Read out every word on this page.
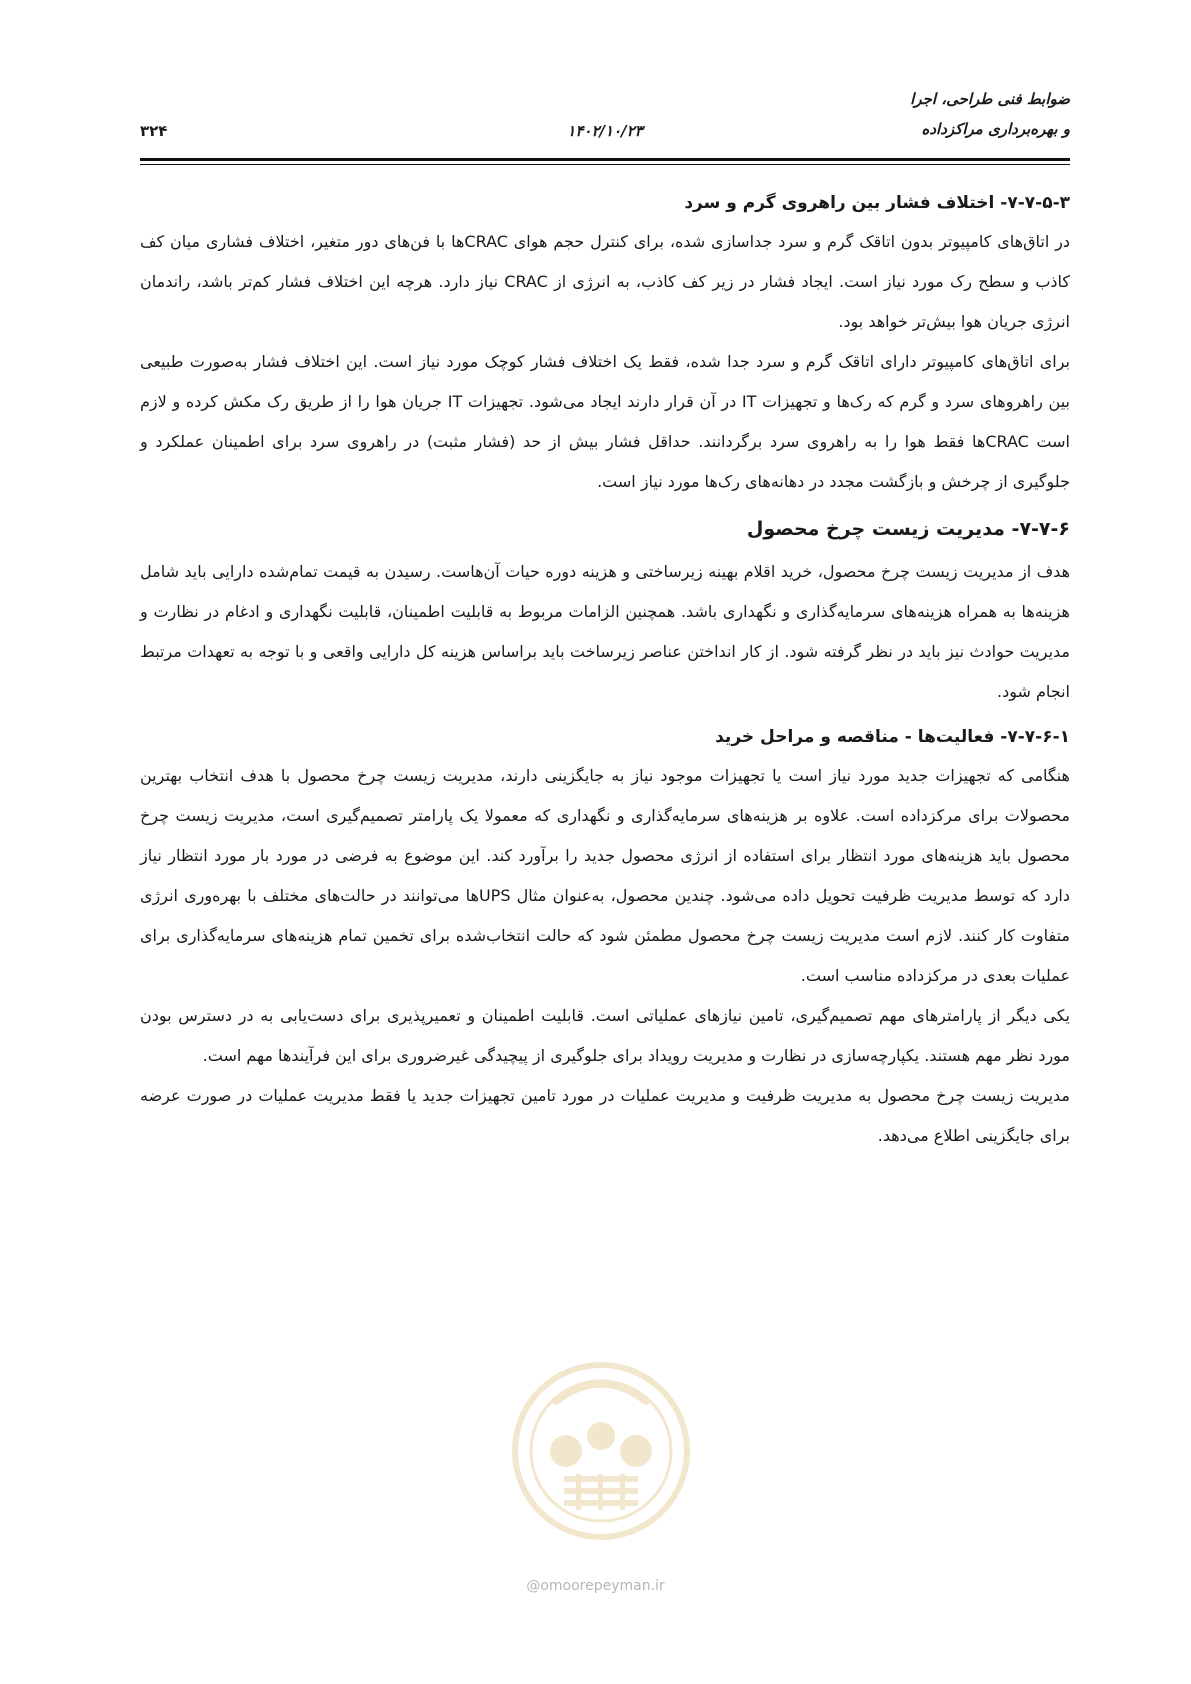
ضوابط فنی طراحی، اجرا
و بهره‌برداری مراکزداده
۱۴۰۲/۱۰/۲۳
۳۲۴
۷-۷-۵-۳- اختلاف فشار بین راهروی گرم و سرد

در اتاق‌های کامپیوتر بدون اتاقک گرم و سرد جداسازی شده، برای کنترل حجم هوای CRACها با فن‌های دور متغیر، اختلاف فشاری میان کف کاذب و سطح رک مورد نیاز است. ایجاد فشار در زیر کف کاذب، به انرژی از CRAC نیاز دارد. هرچه این اختلاف فشار کم‌تر باشد، راندمان انرژی جریان هوا بیش‌تر خواهد بود.

برای اتاق‌های کامپیوتر دارای اتاقک گرم و سرد جدا شده، فقط یک اختلاف فشار کوچک مورد نیاز است. این اختلاف فشار به‌صورت طبیعی بین راهروهای سرد و گرم که رک‌ها و تجهیزات IT در آن قرار دارند ایجاد می‌شود. تجهیزات IT جریان هوا را از طریق رک مکش کرده و لازم است CRACها فقط هوا را به راهروی سرد برگردانند. حداقل فشار بیش از حد (فشار مثبت) در راهروی سرد برای اطمینان عملکرد و جلوگیری از چرخش و بازگشت مجدد در دهانه‌های رک‌ها مورد نیاز است.

۷-۷-۶- مدیریت زیست چرخ محصول

هدف از مدیریت زیست چرخ محصول، خرید اقلام بهینه زیرساختی و هزینه دوره حیات آن‌هاست. رسیدن به قیمت تمام‌شده دارایی باید شامل هزینه‌ها به همراه هزینه‌های سرمایه‌گذاری و نگهداری باشد. همچنین الزامات مربوط به قابلیت اطمینان، قابلیت نگهداری و ادغام در نظارت و مدیریت حوادث نیز باید در نظر گرفته شود. از کار انداختن عناصر زیرساخت باید براساس هزینه کل دارایی واقعی و با توجه به تعهدات مرتبط انجام شود.

۷-۷-۶-۱- فعالیت‌ها - مناقصه و مراحل خرید

هنگامی که تجهیزات جدید مورد نیاز است یا تجهیزات موجود نیاز به جایگزینی دارند، مدیریت زیست چرخ محصول با هدف انتخاب بهترین محصولات برای مرکزداده است. علاوه بر هزینه‌های سرمایه‌گذاری و نگهداری که معمولا یک پارامتر تصمیم‌گیری است، مدیریت زیست چرخ محصول باید هزینه‌های مورد انتظار برای استفاده از انرژی محصول جدید را برآورد کند. این موضوع به فرضی در مورد بار مورد انتظار نیاز دارد که توسط مدیریت ظرفیت تحویل داده می‌شود. چندین محصول، به‌عنوان مثال UPSها می‌توانند در حالت‌های مختلف با بهره‌وری انرژی متفاوت کار کنند. لازم است مدیریت زیست چرخ محصول مطمئن شود که حالت انتخاب‌شده برای تخمین تمام هزینه‌های سرمایه‌گذاری برای عملیات بعدی در مرکزداده مناسب است.

یکی دیگر از پارامترهای مهم تصمیم‌گیری، تامین نیازهای عملیاتی است. قابلیت اطمینان و تعمیرپذیری برای دست‌یابی به در دسترس بودن مورد نظر مهم هستند. یکپارچه‌سازی در نظارت و مدیریت رویداد برای جلوگیری از پیچیدگی غیرضروری برای این فرآیندها مهم است.

مدیریت زیست چرخ محصول به مدیریت ظرفیت و مدیریت عملیات در مورد تامین تجهیزات جدید یا فقط مدیریت عملیات در صورت عرضه برای جایگزینی اطلاع می‌دهد.

@omoorepeyman.ir
